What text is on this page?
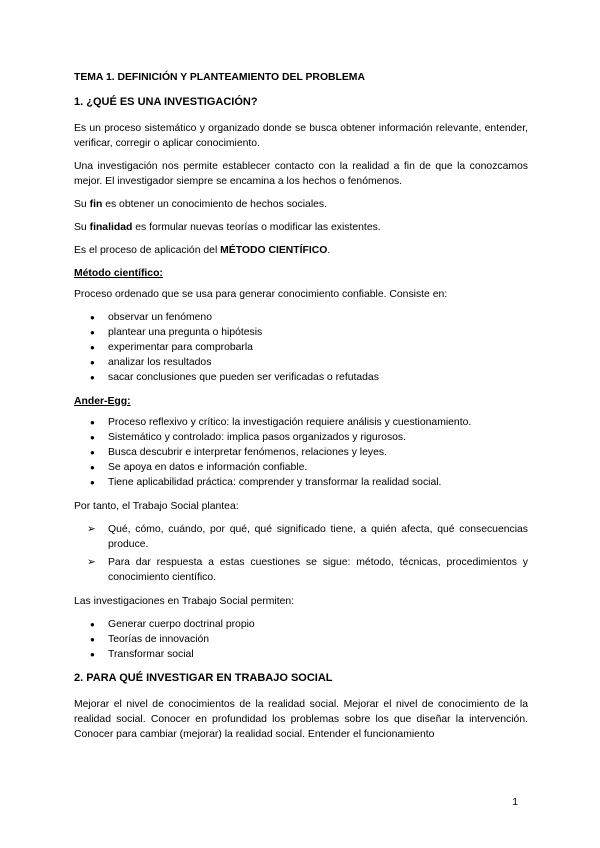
TEMA 1. DEFINICIÓN Y PLANTEAMIENTO DEL PROBLEMA
1. ¿QUÉ ES UNA INVESTIGACIÓN?

Es un proceso sistemático y organizado donde se busca obtener información relevante, entender, verificar, corregir o aplicar conocimiento.

Una investigación nos permite establecer contacto con la realidad a fin de que la conozcamos mejor. El investigador siempre se encamina a los hechos o fenómenos.

Su fin es obtener un conocimiento de hechos sociales.

Su finalidad es formular nuevas teorías o modificar las existentes.

Es el proceso de aplicación del MÉTODO CIENTÍFICO.

Método científico:

Proceso ordenado que se usa para generar conocimiento confiable. Consiste en:

● observar un fenómeno
● plantear una pregunta o hipótesis
● experimentar para comprobarla
● analizar los resultados
● sacar conclusiones que pueden ser verificadas o refutadas
Ander-Egg:
● Proceso reflexivo y crítico: la investigación requiere análisis y cuestionamiento.
● Sistemático y controlado: implica pasos organizados y rigurosos.
● Busca descubrir e interpretar fenómenos, relaciones y leyes.
● Se apoya en datos e información confiable.
● Tiene aplicabilidad práctica: comprender y transformar la realidad social.

Por tanto, el Trabajo Social plantea:

➢ Qué, cómo, cuándo, por qué, qué significado tiene, a quién afecta, qué consecuencias produce.
➢ Para dar respuesta a estas cuestiones se sigue: método, técnicas, procedimientos y conocimiento científico.

Las investigaciones en Trabajo Social permiten:

● Generar cuerpo doctrinal propio
● Teorías de innovación
● Transformar social
2. PARA QUÉ INVESTIGAR EN TRABAJO SOCIAL

Mejorar el nivel de conocimientos de la realidad social. Mejorar el nivel de conocimiento de la realidad social. Conocer en profundidad los problemas sobre los que diseñar la intervención. Conocer para cambiar (mejorar) la realidad social. Entender el funcionamiento

1
